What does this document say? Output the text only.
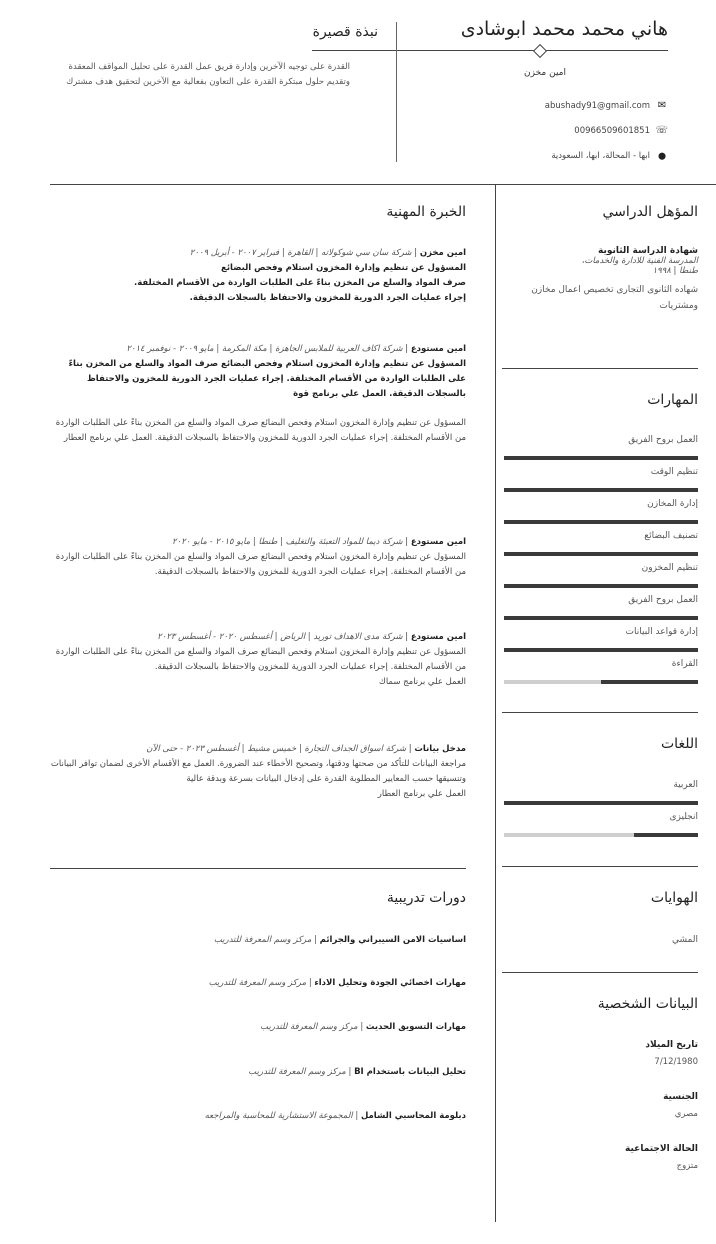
هاني محمد محمد ابوشادى
امين مخزن
✉
abushady91@gmail.com
☏
00966509601851
⬤
ابها - المحالة، ابها، السعودية
نبذة قصيرة
القدرة على توجيه الآخرين وإدارة فريق عمل القدرة على تحليل المواقف المعقدة وتقديم حلول مبتكرة القدرة على التعاون بفعالية مع الآخرين لتحقيق هدف مشترك
المؤهل الدراسي
شهادة الدراسة الثانوية
المدرسة الفنية للادارة والخدمات،
طنطا | ١٩٩٨
شهاده الثانوى التجارى تخصيص اعمال مخازن ومشتريات
المهارات
العمل بروح الفريق
تنظيم الوقت
إدارة المخازن
تصنيف البضائع
تنظيم المخزون
العمل بروح الفريق
إدارة قواعد البيانات
القراءة
اللغات
العربية
انجليزى
الهوايات
المشي
البيانات الشخصية
تاريخ الميلاد
7/12/1980
الجنسية
مصري
الحالة الاجتماعية
متزوج
الخبرة المهنية
امين مخزن | شركة سان سي شوكولاته | القاهرة | فبراير ٢٠٠٧ - أبريل ٢٠٠٩
المسؤول عن تنظيم وإدارة المخزون استلام وفحص البضائع
صرف المواد والسلع من المخزن بناءً على الطلبات الواردة من الأقسام المختلفة.
إجراء عمليات الجرد الدورية للمخزون والاحتفاظ بالسجلات الدقيقة.
امين مستودع | شركة اكاف العربية للملابس الجاهزة | مكة المكرمة | مايو ٢٠٠٩ - نوفمبر ٢٠١٤
المسؤول عن تنظيم وإدارة المخزون استلام وفحص البضائع صرف المواد والسلع من المخزن بناءً على الطلبات الواردة من الأقسام المختلفة. إجراء عمليات الجرد الدورية للمخزون والاحتفاظ بالسجلات الدقيقة. العمل علي برنامج قوة
المسؤول عن تنظيم وإدارة المخزون استلام وفحص البضائع صرف المواد والسلع من المخزن بناءً على الطلبات الواردة من الأقسام المختلفة. إجراء عمليات الجرد الدورية للمخزون والاحتفاظ بالسجلات الدقيقة. العمل علي برنامج العطار
امين مستودع | شركة ديما للمواد التعبئة والتغليف | طنطا | مايو ٢٠١٥ - مايو ٢٠٢٠
المسؤول عن تنظيم وإدارة المخزون استلام وفحص البضائع صرف المواد والسلع من المخزن بناءً على الطلبات الواردة من الأقسام المختلفة. إجراء عمليات الجرد الدورية للمخزون والاحتفاظ بالسجلات الدقيقة.
امين مستودع | شركة مدى الاهداف توريد | الرياض | أغسطس ٢٠٢٠ - أغسطس ٢٠٢٣
المسؤول عن تنظيم وإدارة المخزون استلام وفحص البضائع صرف المواد والسلع من المخزن بناءً على الطلبات الواردة من الأقسام المختلفة. إجراء عمليات الجرد الدورية للمخزون والاحتفاظ بالسجلات الدقيقة.
العمل علي برنامج سماك
مدخل بيانات | شركة اسواق الجداف التجارة | خميس مشيط | أغسطس ٢٠٢٣ - حتى الآن
مراجعة البيانات للتأكد من صحتها ودقتها، وتصحيح الأخطاء عند الضرورة. العمل مع الأقسام الأخرى لضمان توافر البيانات وتنسيقها حسب المعايير المطلوبة القدرة على إدخال البيانات بسرعة وبدقة عالية
العمل علي برنامج العطار
دورات تدريبية
اساسيات الامن السيبراني والجرائم | مركز وسم المعرفة للتدريب
مهارات اخصائي الجودة وتحليل الاداء | مركز وسم المعرفة للتدريب
مهارات التسويق الحديث | مركز وسم المعرفة للتدريب
تحليل البيانات باستخدام BI | مركز وسم المعرفة للتدريب
دبلومة المحاسبي الشامل | المجموعة الاستشارية للمحاسبة والمراجعه
